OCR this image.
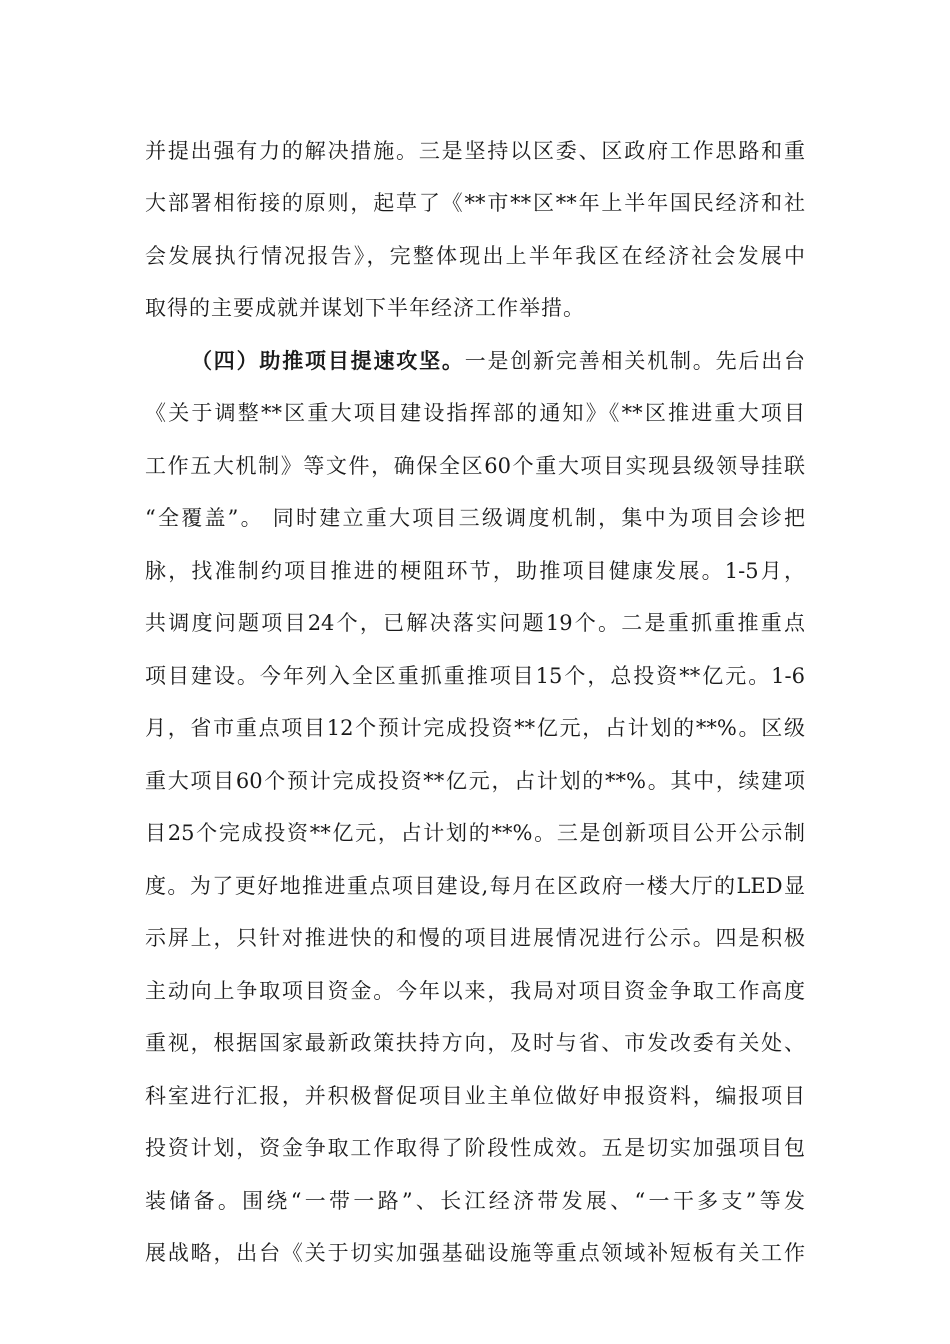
并提出强有力的解决措施。三是坚持以区委、区政府工作思路和重
大部署相衔接的原则，起草了《**市**区**年上半年国民经济和社
会发展执行情况报告》，完整体现出上半年我区在经济社会发展中
取得的主要成就并谋划下半年经济工作举措。
（四）助推项目提速攻坚。一是创新完善相关机制。先后出台
《关于调整**区重大项目建设指挥部的通知》《**区推进重大项目
工作五大机制》等文件，确保全区60个重大项目实现县级领导挂联
“全覆盖”。 同时建立重大项目三级调度机制，集中为项目会诊把
脉，找准制约项目推进的梗阻环节，助推项目健康发展。1-5月，
共调度问题项目24个，已解决落实问题19个。二是重抓重推重点
项目建设。今年列入全区重抓重推项目15个，总投资**亿元。1-6
月，省市重点项目12个预计完成投资**亿元，占计划的**%。区级
重大项目60个预计完成投资**亿元，占计划的**%。其中，续建项
目25个完成投资**亿元，占计划的**%。三是创新项目公开公示制
度。为了更好地推进重点项目建设,每月在区政府一楼大厅的LED显
示屏上，只针对推进快的和慢的项目进展情况进行公示。四是积极
主动向上争取项目资金。今年以来，我局对项目资金争取工作高度
重视，根据国家最新政策扶持方向，及时与省、市发改委有关处、
科室进行汇报，并积极督促项目业主单位做好申报资料，编报项目
投资计划，资金争取工作取得了阶段性成效。五是切实加强项目包
装储备。围绕“一带一路”、长江经济带发展、“一干多支”等发
展战略，出台《关于切实加强基础设施等重点领域补短板有关工作
